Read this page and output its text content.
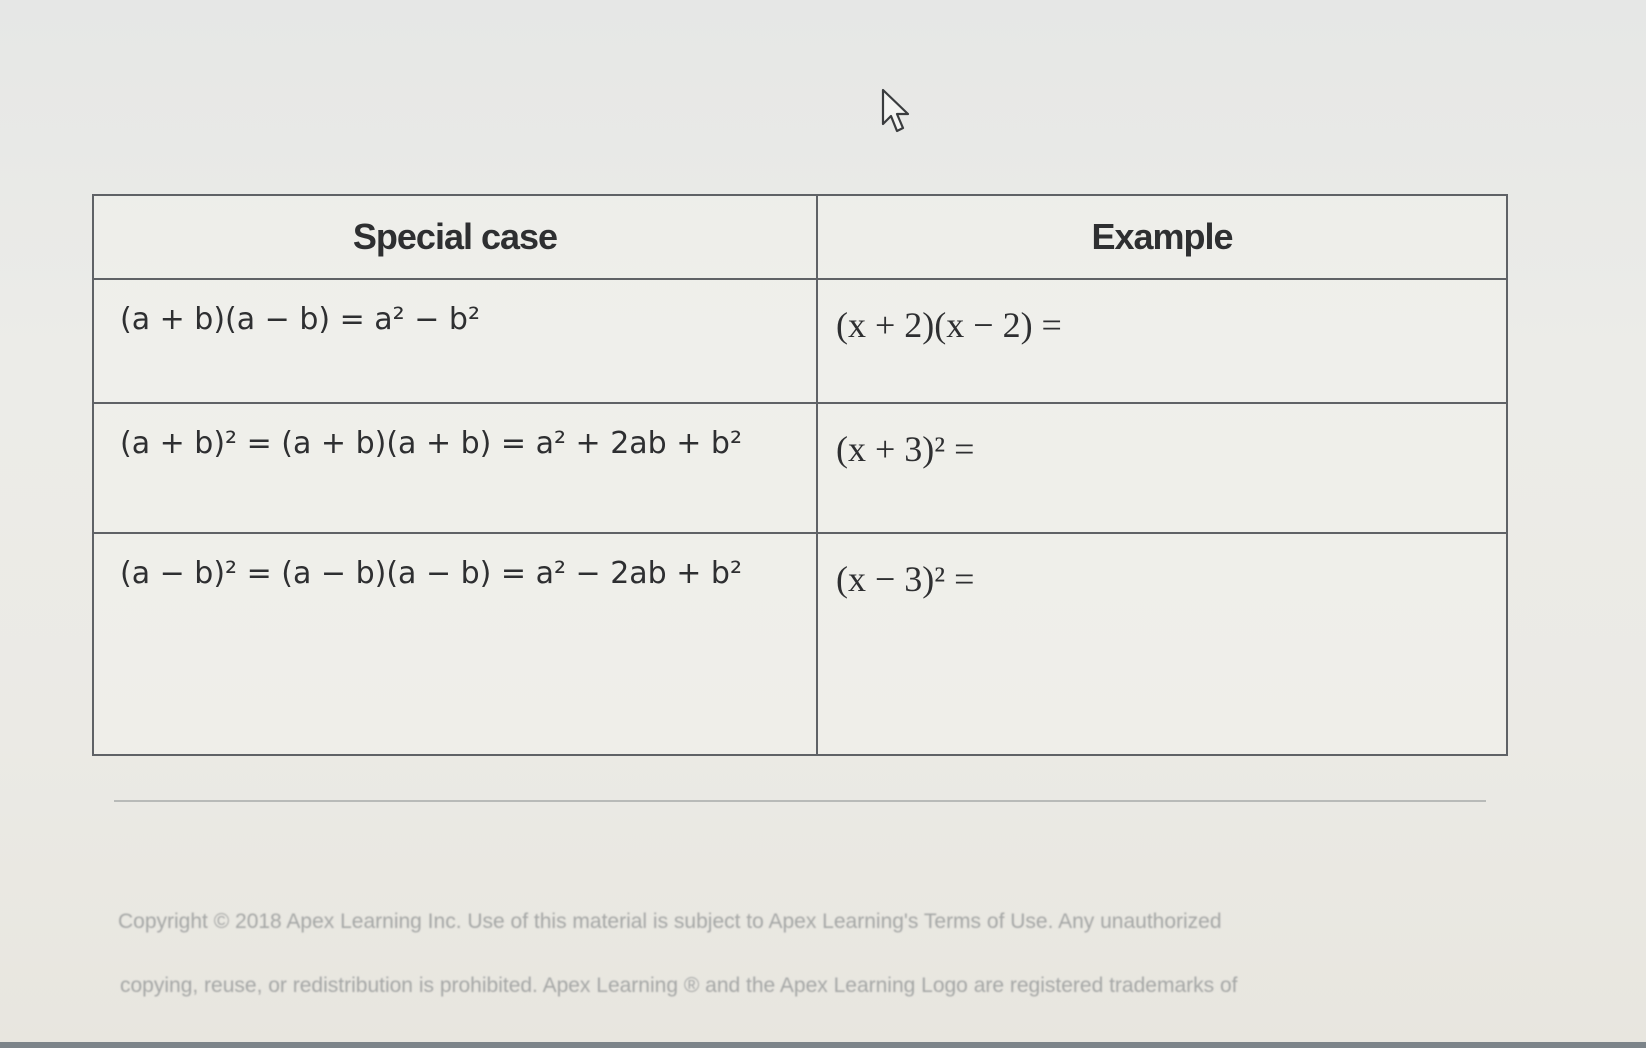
Special case	Example
(a + b)(a − b) = a² − b²	(x + 2)(x − 2) =
(a + b)² = (a + b)(a + b) = a² + 2ab + b²	(x + 3)² =
(a − b)² = (a − b)(a − b) = a² − 2ab + b²	(x − 3)² =
Copyright © 2018 Apex Learning Inc. Use of this material is subject to Apex Learning's Terms of Use. Any unauthorized
copying, reuse, or redistribution is prohibited. Apex Learning ® and the Apex Learning Logo are registered trademarks of
